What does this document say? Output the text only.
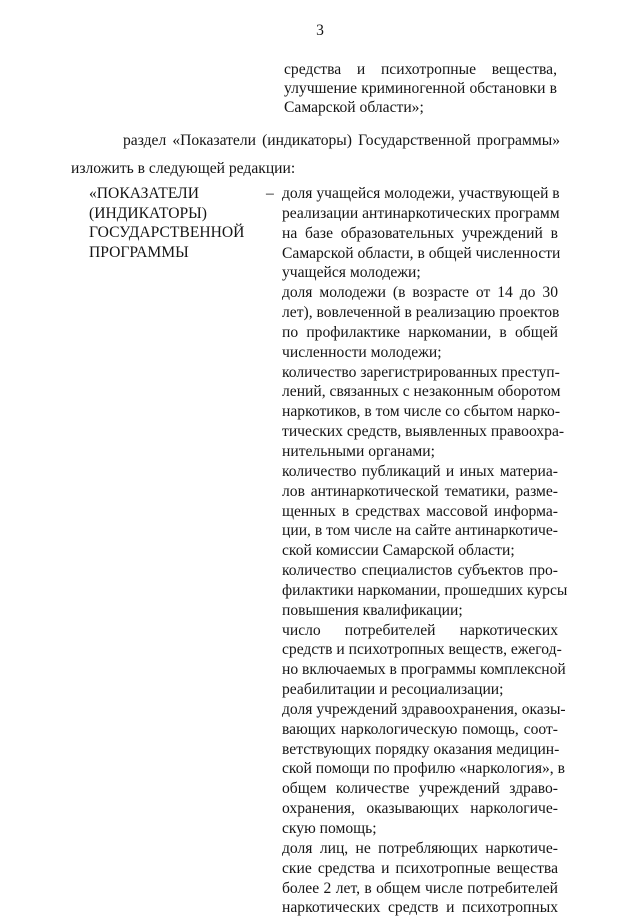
3
средства и психотропные вещества,
улучшение криминогенной обстановки в
Самарской области»;
раздел «Показатели (индикаторы) Государственной программы»
изложить в следующей редакции:
«ПОКАЗАТЕЛИ
(ИНДИКАТОРЫ)
ГОСУДАРСТВЕННОЙ
ПРОГРАММЫ
– доля учащейся молодежи, участвующей в
реализации антинаркотических программ
на базе образовательных учреждений в
Самарской области, в общей численности
учащейся молодежи;
доля молодежи (в возрасте от 14 до 30
лет), вовлеченной в реализацию проектов
по профилактике наркомании, в общей
численности молодежи;
количество зарегистрированных преступ-
лений, связанных с незаконным оборотом
наркотиков, в том числе со сбытом нарко-
тических средств, выявленных правоохра-
нительными органами;
количество публикаций и иных материа-
лов антинаркотической тематики, разме-
щенных в средствах массовой информа-
ции, в том числе на сайте антинаркотиче-
ской комиссии Самарской области;
количество специалистов субъектов про-
филактики наркомании, прошедших курсы
повышения квалификации;
число потребителей наркотических
средств и психотропных веществ, ежегод-
но включаемых в программы комплексной
реабилитации и ресоциализации;
доля учреждений здравоохранения, оказы-
вающих наркологическую помощь, соот-
ветствующих порядку оказания медицин-
ской помощи по профилю «наркология», в
общем количестве учреждений здраво-
охранения, оказывающих наркологиче-
скую помощь;
доля лиц, не потребляющих наркотиче-
ские средства и психотропные вещества
более 2 лет, в общем числе потребителей
наркотических средств и психотропных
